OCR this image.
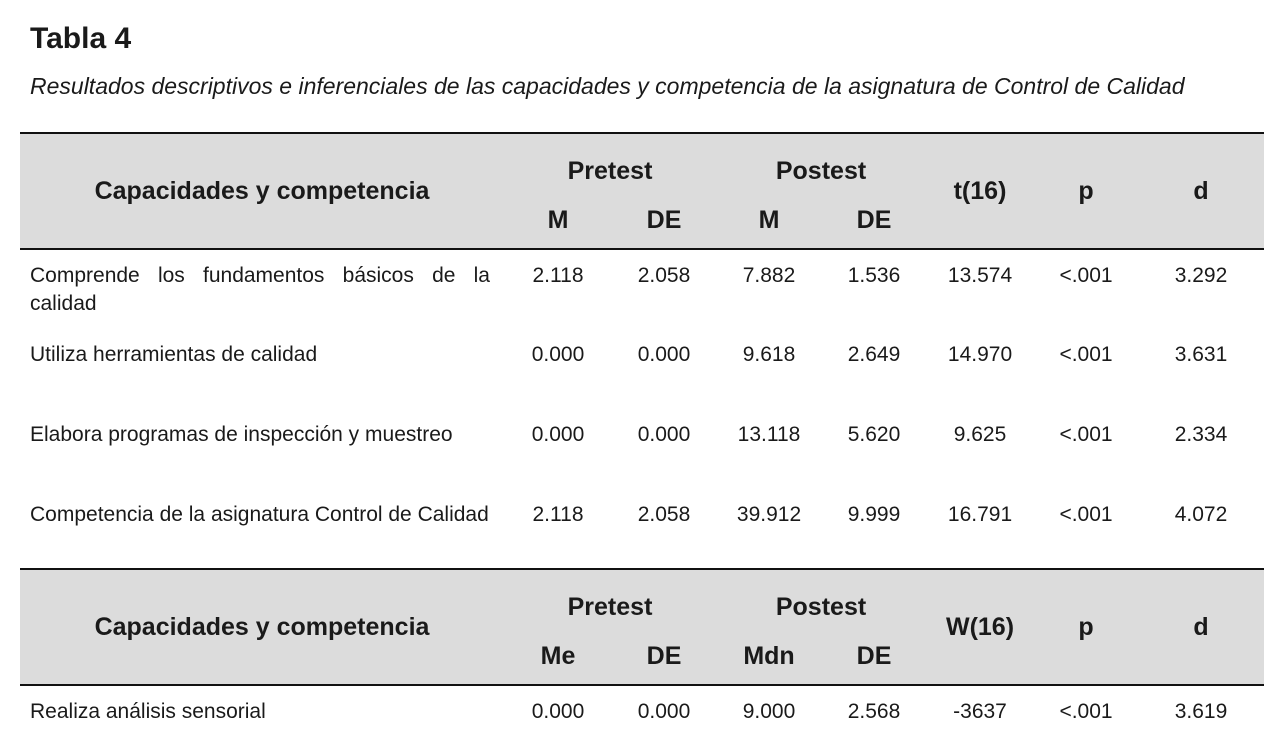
Tabla 4

Resultados descriptivos e inferenciales de las capacidades y competencia de la asignatura de Control de Calidad

Capacidades y competencia	Pretest		Postest		t(16)	p	d
	M	DE	M	DE			
Comprende los fundamentos básicos de la calidad	2.118	2.058	7.882	1.536	13.574	<.001	3.292
Utiliza herramientas de calidad	0.000	0.000	9.618	2.649	14.970	<.001	3.631
Elabora programas de inspección y muestreo	0.000	0.000	13.118	5.620	9.625	<.001	2.334
Competencia de la asignatura Control de Calidad	2.118	2.058	39.912	9.999	16.791	<.001	4.072
Capacidades y competencia	Pretest		Postest		W(16)	p	d
	Me	DE	Mdn	DE			
Realiza análisis sensorial	0.000	0.000	9.000	2.568	-3637	<.001	3.619
